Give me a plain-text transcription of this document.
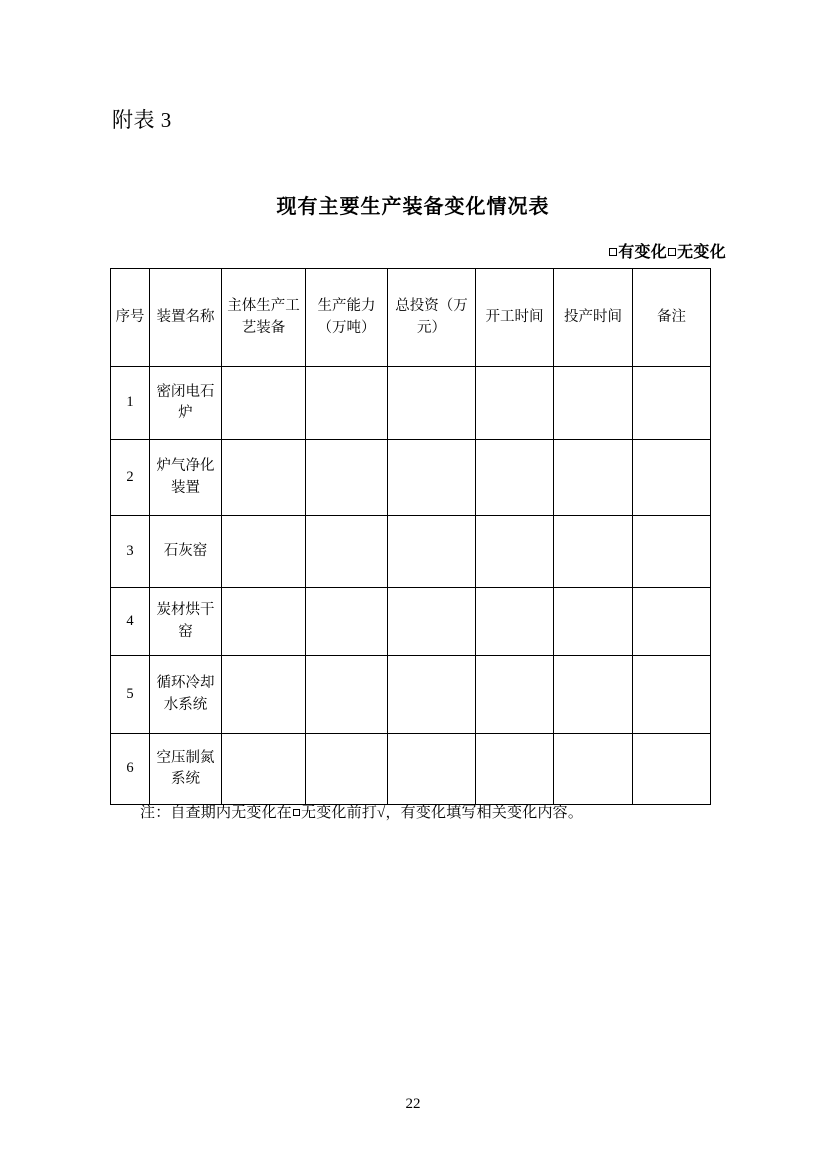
附表 3
现有主要生产装备变化情况表
有变化 无变化
序号	装置名称	主体生产工艺装备	生产能力（万吨）	总投资（万元）	开工时间	投产时间	备注
1	密闭电石炉						
2	炉气净化装置						
3	石灰窑						
4	炭材烘干窑						
5	循环冷却水系统						
6	空压制氮系统						
注：自查期内无变化在 无变化前打√，有变化填写相关变化内容。
22
